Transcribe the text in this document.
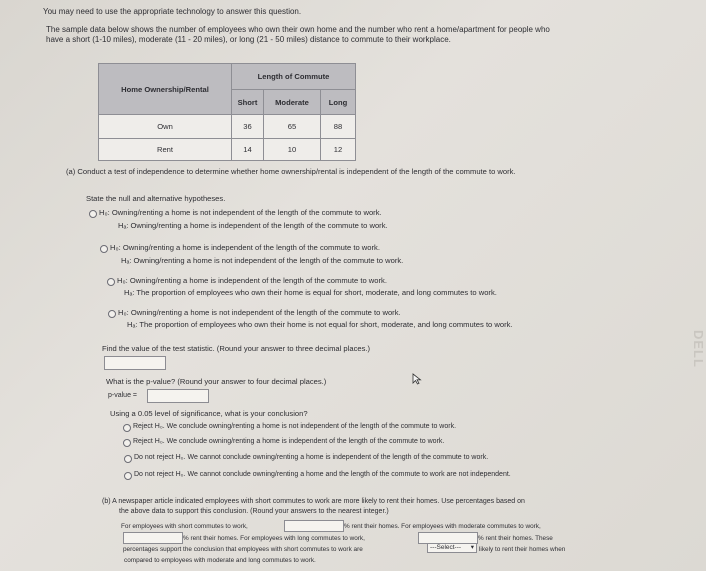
You may need to use the appropriate technology to answer this question.
The sample data below shows the number of employees who own their own home and the number who rent a home/apartment for people who
have a short (1-10 miles), moderate (11 - 20 miles), or long (21 - 50 miles) distance to commute to their workplace.
Home Ownership/Rental
Length of Commute
Short	Moderate	Long
Own	36	65	88
Rent	14	10	12
(a) Conduct a test of independence to determine whether home ownership/rental is independent of the length of the commute to work.
State the null and alternative hypotheses.
H₀: Owning/renting a home is not independent of the length of the commute to work.
Hₐ: Owning/renting a home is independent of the length of the commute to work.
H₀: Owning/renting a home is independent of the length of the commute to work.
Hₐ: Owning/renting a home is not independent of the length of the commute to work.
H₀: Owning/renting a home is independent of the length of the commute to work.
Hₐ: The proportion of employees who own their home is equal for short, moderate, and long commutes to work.
H₀: Owning/renting a home is not independent of the length of the commute to work.
Hₐ: The proportion of employees who own their home is not equal for short, moderate, and long commutes to work.
Find the value of the test statistic. (Round your answer to three decimal places.)
What is the p-value? (Round your answer to four decimal places.)
p-value =
Using a 0.05 level of significance, what is your conclusion?
Reject H₀. We conclude owning/renting a home is not independent of the length of the commute to work.
Reject H₀. We conclude owning/renting a home is independent of the length of the commute to work.
Do not reject H₀. We cannot conclude owning/renting a home is independent of the length of the commute to work.
Do not reject H₀. We cannot conclude owning/renting a home and the length of the commute to work are not independent.
(b) A newspaper article indicated employees with short commutes to work are more likely to rent their homes. Use percentages based on
the above data to support this conclusion. (Round your answers to the nearest integer.)
For employees with short commutes to work,	% rent their homes. For employees with moderate commutes to work,
% rent their homes. For employees with long commutes to work,	% rent their homes. These
percentages support the conclusion that employees with short commutes to work are	---Select--- ▾ likely to rent their homes when
compared to employees with moderate and long commutes to work.
DELL
